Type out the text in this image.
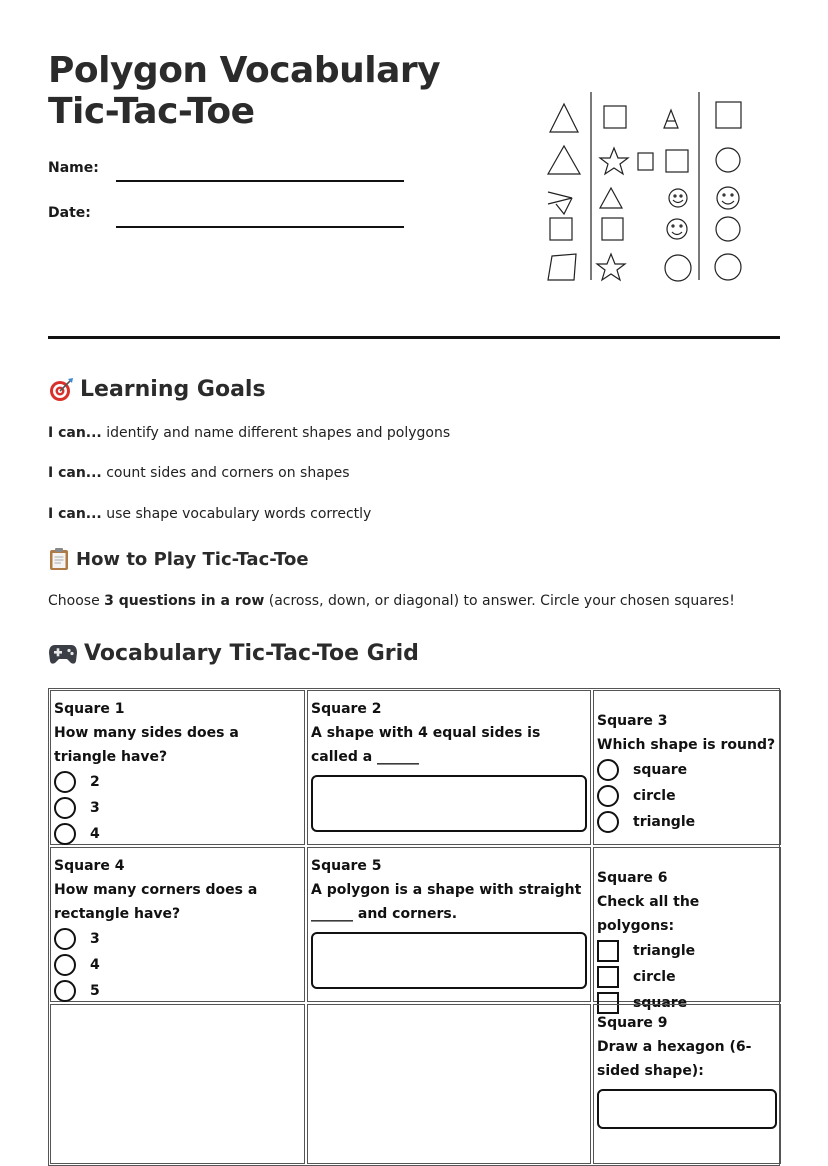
Polygon Vocabulary Tic-Tac-Toe
Name:
Date:
Learning Goals
I can... identify and name different shapes and polygons
I can... count sides and corners on shapes
I can... use shape vocabulary words correctly
How to Play Tic-Tac-Toe
Choose 3 questions in a row (across, down, or diagonal) to answer. Circle your chosen squares!
Vocabulary Tic-Tac-Toe Grid
Square 1
How many sides does a triangle have?
2
3
4
Square 2
A shape with 4 equal sides is called a ______
Square 3
Which shape is round?
square
circle
triangle
Square 4
How many corners does a rectangle have?
3
4
5
Square 5
A polygon is a shape with straight ______ and corners.
Square 6
Check all the polygons:
triangle
circle
square
Square 9
Draw a hexagon (6-sided shape):
